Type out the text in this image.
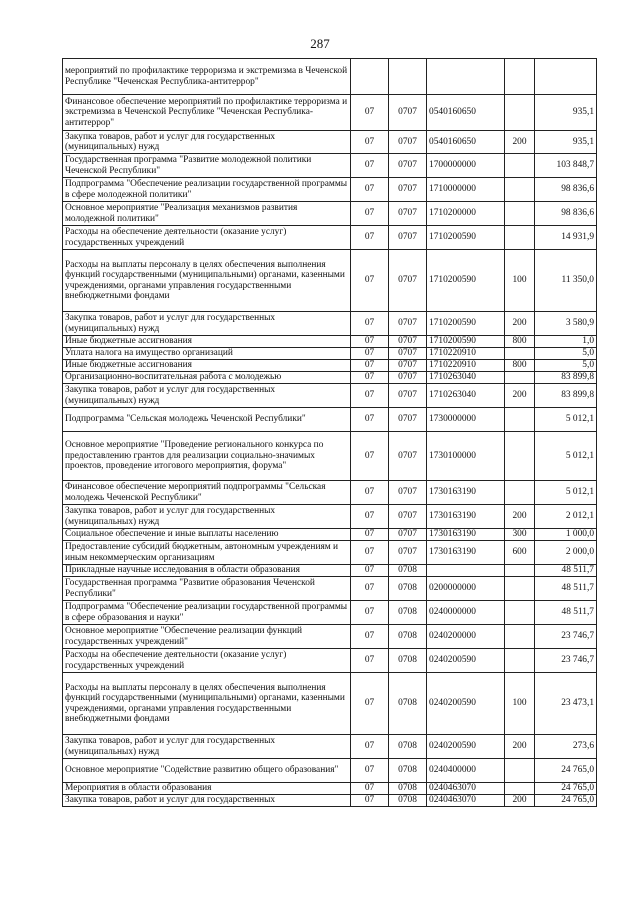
287
мероприятий по профилактике терроризма и экстремизма в Чеченской Республике "Чеченская Республика-антитеррор"					
Финансовое обеспечение мероприятий по профилактике терроризма и экстремизма в Чеченской Республике "Чеченская Республика-антитеррор"	07	0707	0540160650		935,1
Закупка товаров, работ и услуг для государственных (муниципальных) нужд	07	0707	0540160650	200	935,1
Государственная программа "Развитие молодежной политики Чеченской Республики"	07	0707	1700000000		103 848,7
Подпрограмма "Обеспечение реализации государственной программы в сфере молодежной политики"	07	0707	1710000000		98 836,6
Основное мероприятие "Реализация механизмов развития молодежной политики"	07	0707	1710200000		98 836,6
Расходы на обеспечение деятельности (оказание услуг) государственных учреждений	07	0707	1710200590		14 931,9
Расходы на выплаты персоналу в целях обеспечения выполнения функций государственными (муниципальными) органами, казенными учреждениями, органами управления государственными внебюджетными фондами	07	0707	1710200590	100	11 350,0
Закупка товаров, работ и услуг для государственных (муниципальных) нужд	07	0707	1710200590	200	3 580,9
Иные бюджетные ассигнования	07	0707	1710200590	800	1,0
Уплата налога на имущество организаций	07	0707	1710220910		5,0
Иные бюджетные ассигнования	07	0707	1710220910	800	5,0
Организационно-воспитательная работа с молодежью	07	0707	1710263040		83 899,8
Закупка товаров, работ и услуг для государственных (муниципальных) нужд	07	0707	1710263040	200	83 899,8
Подпрограмма "Сельская молодежь Чеченской Республики"	07	0707	1730000000		5 012,1
Основное мероприятие "Проведение регионального конкурса по предоставлению грантов для реализации социально-значимых проектов, проведение итогового мероприятия, форума"	07	0707	1730100000		5 012,1
Финансовое обеспечение мероприятий подпрограммы "Сельская молодежь Чеченской Республики"	07	0707	1730163190		5 012,1
Закупка товаров, работ и услуг для государственных (муниципальных) нужд	07	0707	1730163190	200	2 012,1
Социальное обеспечение и иные выплаты населению	07	0707	1730163190	300	1 000,0
Предоставление субсидий бюджетным, автономным учреждениям и иным некоммерческим организациям	07	0707	1730163190	600	2 000,0
Прикладные научные исследования в области образования	07	0708			48 511,7
Государственная программа "Развитие образования Чеченской Республики"	07	0708	0200000000		48 511,7
Подпрограмма "Обеспечение реализации государственной программы в сфере образования и науки"	07	0708	0240000000		48 511,7
Основное мероприятие "Обеспечение реализации функций государственных учреждений"	07	0708	0240200000		23 746,7
Расходы на обеспечение деятельности (оказание услуг) государственных учреждений	07	0708	0240200590		23 746,7
Расходы на выплаты персоналу в целях обеспечения выполнения функций государственными (муниципальными) органами, казенными учреждениями, органами управления государственными внебюджетными фондами	07	0708	0240200590	100	23 473,1
Закупка товаров, работ и услуг для государственных (муниципальных) нужд	07	0708	0240200590	200	273,6
Основное мероприятие "Содействие развитию общего образования"	07	0708	0240400000		24 765,0
Мероприятия в области образования	07	0708	0240463070		24 765,0
Закупка товаров, работ и услуг для государственных	07	0708	0240463070	200	24 765,0
